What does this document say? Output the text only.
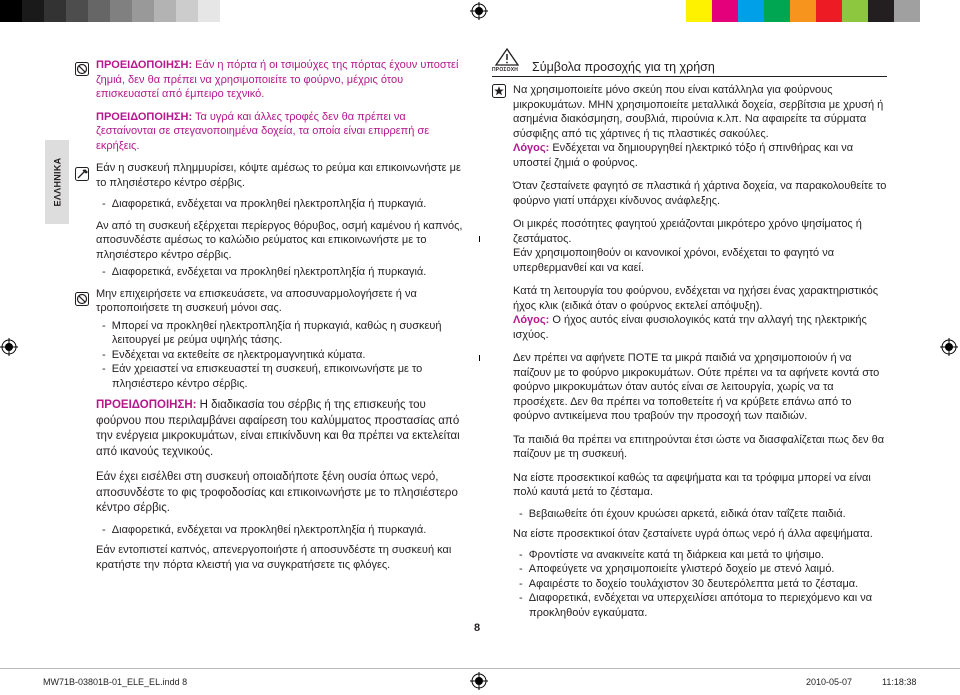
ΕΛΛΗΝΙΚΑ

ΠΡΟΕΙΔΟΠΟΙΗΣΗ: Εάν η πόρτα ή οι τσιμούχες της πόρτας έχουν υποστεί ζημιά, δεν θα πρέπει να χρησιμοποιείτε το φούρνο, μέχρις ότου επισκευαστεί από έμπειρο τεχνικό.

ΠΡΟΕΙΔΟΠΟΙΗΣΗ: Τα υγρά και άλλες τροφές δεν θα πρέπει να ζεσταίνονται σε στεγανοποιημένα δοχεία, τα οποία είναι επιρρεπή σε εκρήξεις.

Εάν η συσκευή πλημμυρίσει, κόψτε αμέσως το ρεύμα και επικοινωνήστε με το πλησιέστερο κέντρο σέρβις.

-  Διαφορετικά, ενδέχεται να προκληθεί ηλεκτροπληξία ή πυρκαγιά.

Αν από τη συσκευή εξέρχεται περίεργος θόρυβος, οσμή καμένου ή καπνός, αποσυνδέστε αμέσως το καλώδιο ρεύματος και επικοινωνήστε με το πλησιέστερο κέντρο σέρβις.

-  Διαφορετικά, ενδέχεται να προκληθεί ηλεκτροπληξία ή πυρκαγιά.

Μην επιχειρήσετε να επισκευάσετε, να αποσυναρμολογήσετε ή να τροποποιήσετε τη συσκευή μόνοι σας.

-  Μπορεί να προκληθεί ηλεκτροπληξία ή πυρκαγιά, καθώς η συσκευή λειτουργεί με ρεύμα υψηλής τάσης.

-  Ενδέχεται να εκτεθείτε σε ηλεκτρομαγνητικά κύματα.

-  Εάν χρειαστεί να επισκευαστεί τη συσκευή, επικοινωνήστε με το πλησιέστερο κέντρο σέρβις.

ΠΡΟΕΙΔΟΠΟΙΗΣΗ: Η διαδικασία του σέρβις ή της επισκευής του φούρνου που περιλαμβάνει αφαίρεση του καλύμματος προστασίας από την ενέργεια μικροκυμάτων, είναι επικίνδυνη και θα πρέπει να εκτελείται από ικανούς τεχνικούς.

Εάν έχει εισέλθει στη συσκευή οποιαδήποτε ξένη ουσία όπως νερό, αποσυνδέστε το φις τροφοδοσίας και επικοινωνήστε με το πλησιέστερο κέντρο σέρβις.

-  Διαφορετικά, ενδέχεται να προκληθεί ηλεκτροπληξία ή πυρκαγιά.

Εάν εντοπιστεί καπνός, απενεργοποιήστε ή αποσυνδέστε τη συσκευή και κρατήστε την πόρτα κλειστή για να συγκρατήσετε τις φλόγες.

ΠΡΟΣΟΧΗ Σύμβολα προσοχής για τη χρήση

Να χρησιμοποιείτε μόνο σκεύη που είναι κατάλληλα για φούρνους μικροκυμάτων. ΜΗΝ χρησιμοποιείτε μεταλλικά δοχεία, σερβίτσια με χρυσή ή ασημένια διακόσμηση, σουβλιά, πιρούνια κ.λπ. Να αφαιρείτε τα σύρματα σύσφιξης από τις χάρτινες ή τις πλαστικές σακούλες.

Λόγος: Ενδέχεται να δημιουργηθεί ηλεκτρικό τόξο ή σπινθήρας και να υποστεί ζημιά ο φούρνος.

Όταν ζεσταίνετε φαγητό σε πλαστικά ή χάρτινα δοχεία, να παρακολουθείτε το φούρνο γιατί υπάρχει κίνδυνος ανάφλεξης.

Οι μικρές ποσότητες φαγητού χρειάζονται μικρότερο χρόνο ψησίματος ή ζεστάματος.

Εάν χρησιμοποιηθούν οι κανονικοί χρόνοι, ενδέχεται το φαγητό να υπερθερμανθεί και να καεί.

Κατά τη λειτουργία του φούρνου, ενδέχεται να ηχήσει ένας χαρακτηριστικός ήχος κλικ (ειδικά όταν ο φούρνος εκτελεί απόψυξη).

Λόγος: Ο ήχος αυτός είναι φυσιολογικός κατά την αλλαγή της ηλεκτρικής ισχύος.

Δεν πρέπει να αφήνετε ΠΟΤΕ τα μικρά παιδιά να χρησιμοποιούν ή να παίζουν με το φούρνο μικροκυμάτων. Ούτε πρέπει να τα αφήνετε κοντά στο φούρνο μικροκυμάτων όταν αυτός είναι σε λειτουργία, χωρίς να τα προσέχετε. Δεν θα πρέπει να τοποθετείτε ή να κρύβετε επάνω από το φούρνο αντικείμενα που τραβούν την προσοχή των παιδιών.

Τα παιδιά θα πρέπει να επιτηρούνται έτσι ώστε να διασφαλίζεται πως δεν θα παίζουν με τη συσκευή.

Να είστε προσεκτικοί καθώς τα αφεψήματα και τα τρόφιμα μπορεί να είναι πολύ καυτά μετά το ζέσταμα.

-  Βεβαιωθείτε ότι έχουν κρυώσει αρκετά, ειδικά όταν ταΐζετε παιδιά.

Να είστε προσεκτικοί όταν ζεσταίνετε υγρά όπως νερό ή άλλα αφεψήματα.

-  Φροντίστε να ανακινείτε κατά τη διάρκεια και μετά το ψήσιμο.

-  Αποφεύγετε να χρησιμοποιείτε γλιστερό δοχείο με στενό λαιμό.

-  Αφαιρέστε το δοχείο τουλάχιστον 30 δευτερόλεπτα μετά το ζέσταμα.

-  Διαφορετικά, ενδέχεται να υπερχειλίσει απότομα το περιεχόμενο και να προκληθούν εγκαύματα.

8
MW71B-03801B-01_ELE_EL.indd 8	2010-05-07	11:18:38
